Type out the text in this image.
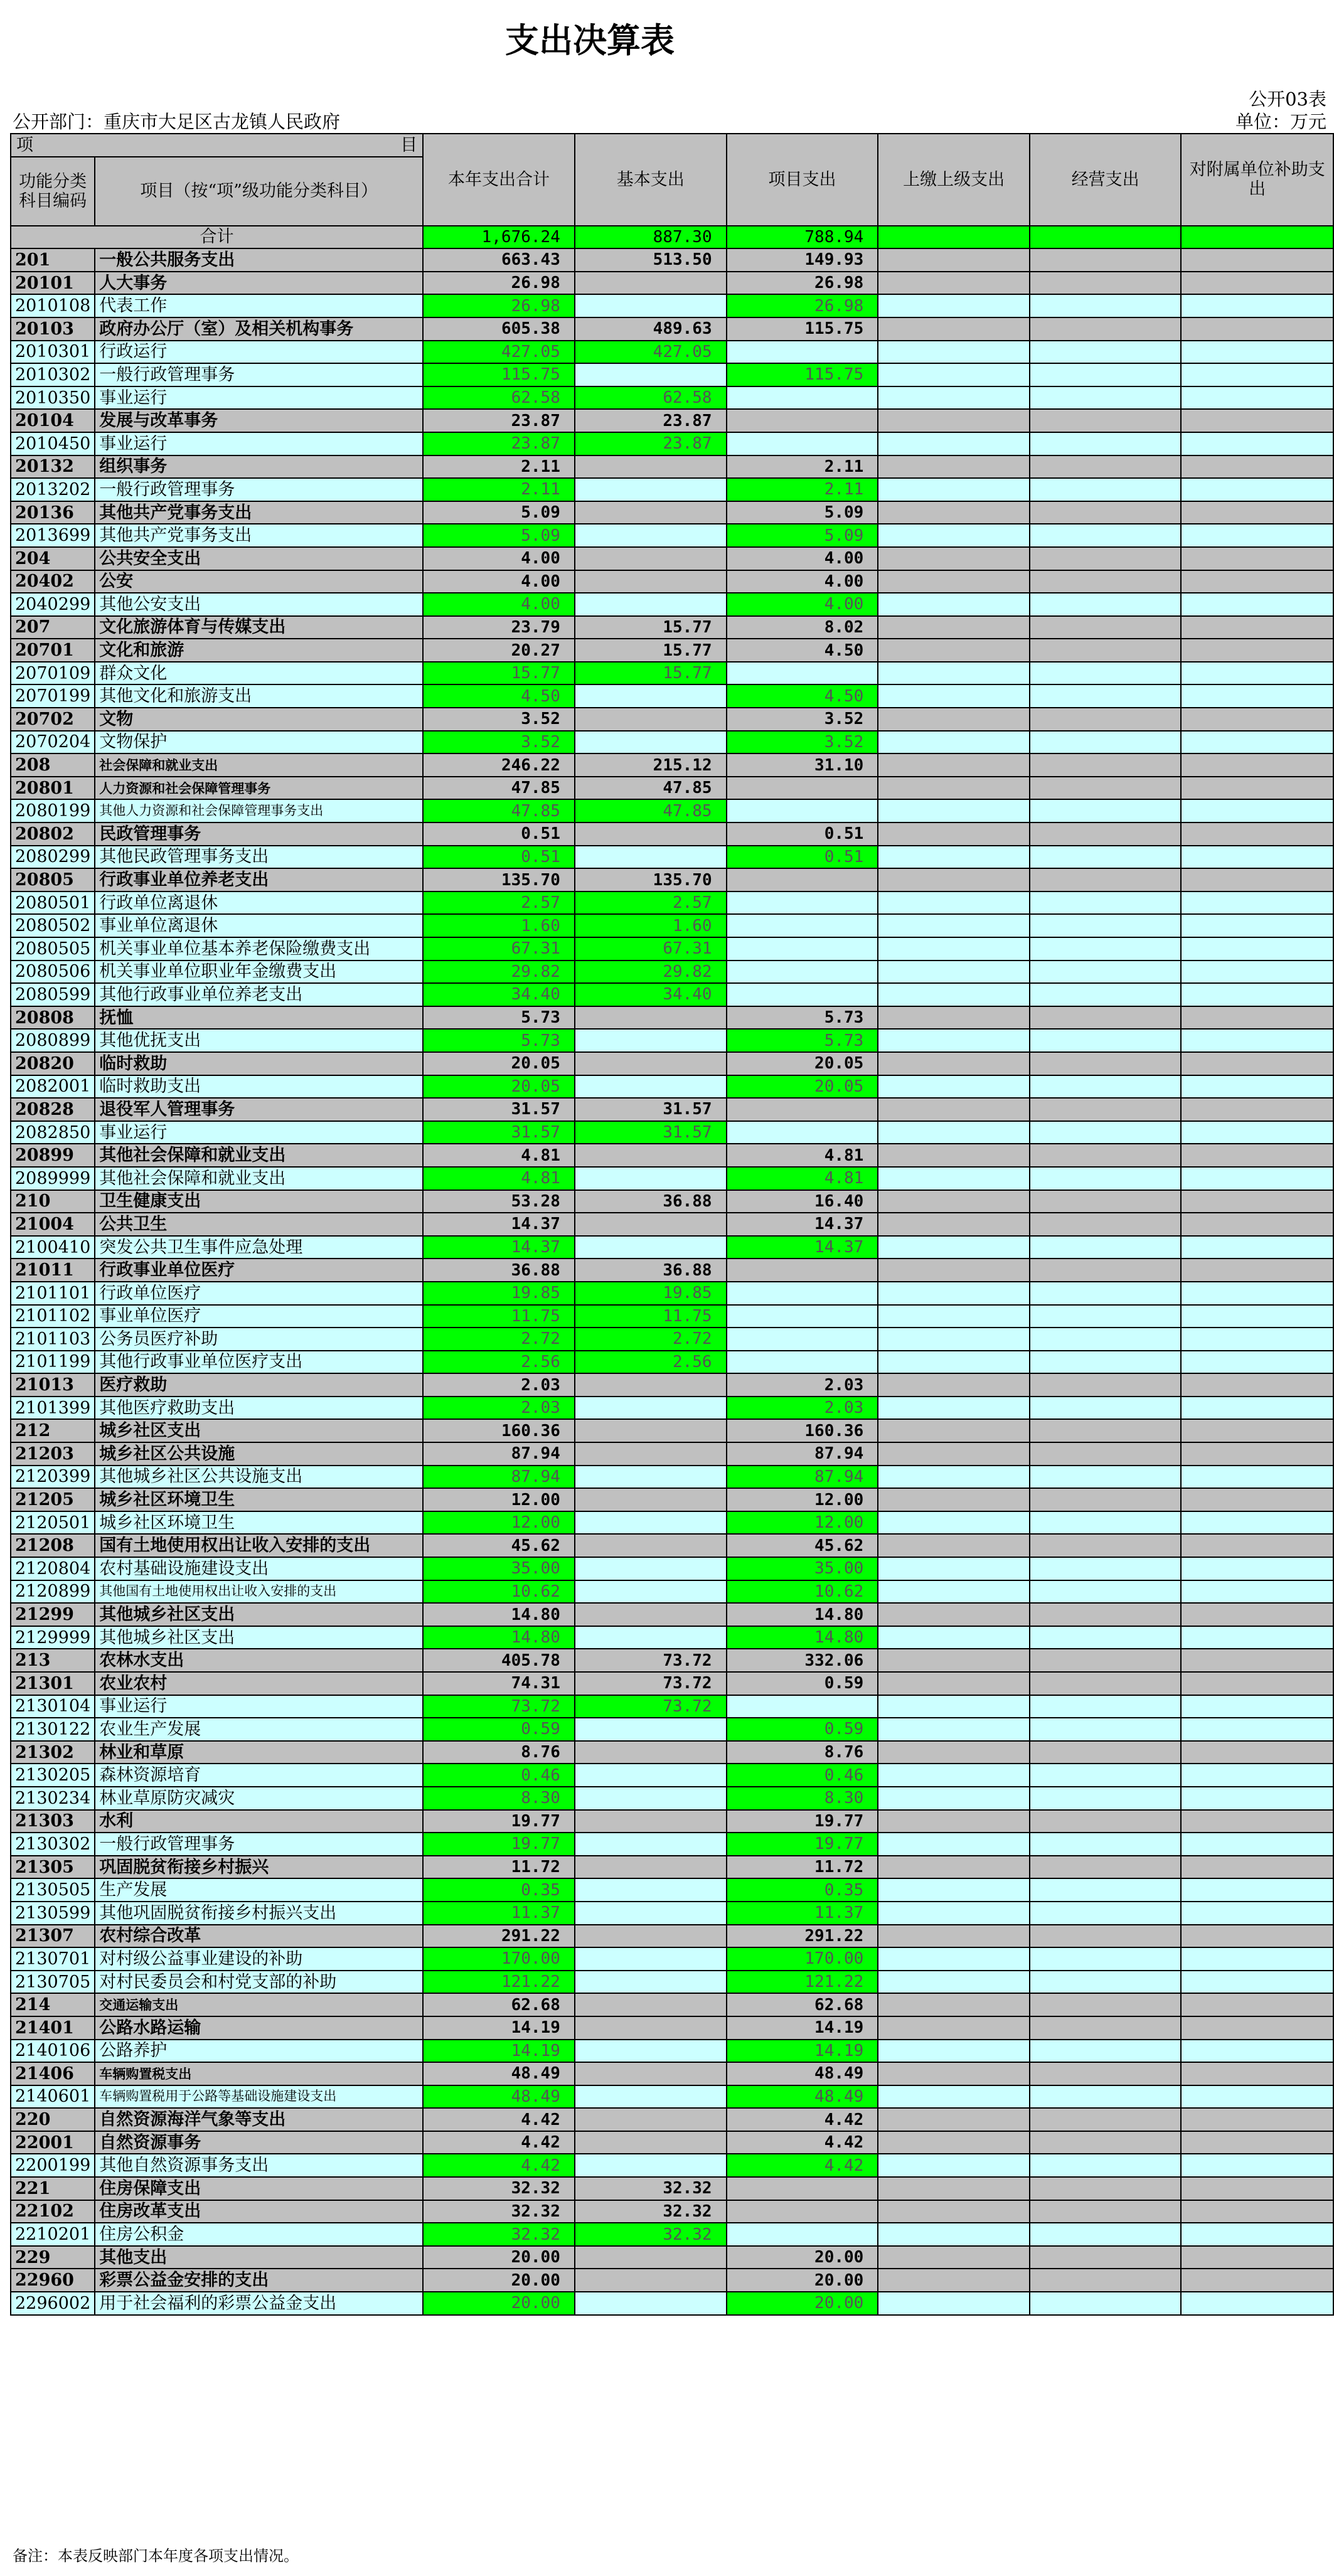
支出决算表
公开03表
公开部门：重庆市大足区古龙镇人民政府	单位：万元
项 目		本年支出合计	基本支出	项目支出	上缴上级支出	经营支出	对附属单位补助支出
功能分类科目编码	项目（按“项”级功能分类科目）						
合计		1,676.24	887.30	788.94			
201	一般公共服务支出	663.43	513.50	149.93			
20101	人大事务	26.98		26.98			
2010108	代表工作	26.98		26.98			
20103	政府办公厅（室）及相关机构事务	605.38	489.63	115.75			
2010301	行政运行	427.05	427.05				
2010302	一般行政管理事务	115.75		115.75			
2010350	事业运行	62.58	62.58				
20104	发展与改革事务	23.87	23.87				
2010450	事业运行	23.87	23.87				
20132	组织事务	2.11		2.11			
2013202	一般行政管理事务	2.11		2.11			
20136	其他共产党事务支出	5.09		5.09			
2013699	其他共产党事务支出	5.09		5.09			
204	公共安全支出	4.00		4.00			
20402	公安	4.00		4.00			
2040299	其他公安支出	4.00		4.00			
207	文化旅游体育与传媒支出	23.79	15.77	8.02			
20701	文化和旅游	20.27	15.77	4.50			
2070109	群众文化	15.77	15.77				
2070199	其他文化和旅游支出	4.50		4.50			
20702	文物	3.52		3.52			
2070204	文物保护	3.52		3.52			
208	社会保障和就业支出	246.22	215.12	31.10			
20801	人力资源和社会保障管理事务	47.85	47.85				
2080199	其他人力资源和社会保障管理事务支出	47.85	47.85				
20802	民政管理事务	0.51		0.51			
2080299	其他民政管理事务支出	0.51		0.51			
20805	行政事业单位养老支出	135.70	135.70				
2080501	行政单位离退休	2.57	2.57				
2080502	事业单位离退休	1.60	1.60				
2080505	机关事业单位基本养老保险缴费支出	67.31	67.31				
2080506	机关事业单位职业年金缴费支出	29.82	29.82				
2080599	其他行政事业单位养老支出	34.40	34.40				
20808	抚恤	5.73		5.73			
2080899	其他优抚支出	5.73		5.73			
20820	临时救助	20.05		20.05			
2082001	临时救助支出	20.05		20.05			
20828	退役军人管理事务	31.57	31.57				
2082850	事业运行	31.57	31.57				
20899	其他社会保障和就业支出	4.81		4.81			
2089999	其他社会保障和就业支出	4.81		4.81			
210	卫生健康支出	53.28	36.88	16.40			
21004	公共卫生	14.37		14.37			
2100410	突发公共卫生事件应急处理	14.37		14.37			
21011	行政事业单位医疗	36.88	36.88				
2101101	行政单位医疗	19.85	19.85				
2101102	事业单位医疗	11.75	11.75				
2101103	公务员医疗补助	2.72	2.72				
2101199	其他行政事业单位医疗支出	2.56	2.56				
21013	医疗救助	2.03		2.03			
2101399	其他医疗救助支出	2.03		2.03			
212	城乡社区支出	160.36		160.36			
21203	城乡社区公共设施	87.94		87.94			
2120399	其他城乡社区公共设施支出	87.94		87.94			
21205	城乡社区环境卫生	12.00		12.00			
2120501	城乡社区环境卫生	12.00		12.00			
21208	国有土地使用权出让收入安排的支出	45.62		45.62			
2120804	农村基础设施建设支出	35.00		35.00			
2120899	其他国有土地使用权出让收入安排的支出	10.62		10.62			
21299	其他城乡社区支出	14.80		14.80			
2129999	其他城乡社区支出	14.80		14.80			
213	农林水支出	405.78	73.72	332.06			
21301	农业农村	74.31	73.72	0.59			
2130104	事业运行	73.72	73.72				
2130122	农业生产发展	0.59		0.59			
21302	林业和草原	8.76		8.76			
2130205	森林资源培育	0.46		0.46			
2130234	林业草原防灾减灾	8.30		8.30			
21303	水利	19.77		19.77			
2130302	一般行政管理事务	19.77		19.77			
21305	巩固脱贫衔接乡村振兴	11.72		11.72			
2130505	生产发展	0.35		0.35			
2130599	其他巩固脱贫衔接乡村振兴支出	11.37		11.37			
21307	农村综合改革	291.22		291.22			
2130701	对村级公益事业建设的补助	170.00		170.00			
2130705	对村民委员会和村党支部的补助	121.22		121.22			
214	交通运输支出	62.68		62.68			
21401	公路水路运输	14.19		14.19			
2140106	公路养护	14.19		14.19			
21406	车辆购置税支出	48.49		48.49			
2140601	车辆购置税用于公路等基础设施建设支出	48.49		48.49			
220	自然资源海洋气象等支出	4.42		4.42			
22001	自然资源事务	4.42		4.42			
2200199	其他自然资源事务支出	4.42		4.42			
221	住房保障支出	32.32	32.32				
22102	住房改革支出	32.32	32.32				
2210201	住房公积金	32.32	32.32				
229	其他支出	20.00		20.00			
22960	彩票公益金安排的支出	20.00		20.00			
2296002	用于社会福利的彩票公益金支出	20.00		20.00			
备注：本表反映部门本年度各项支出情况。
